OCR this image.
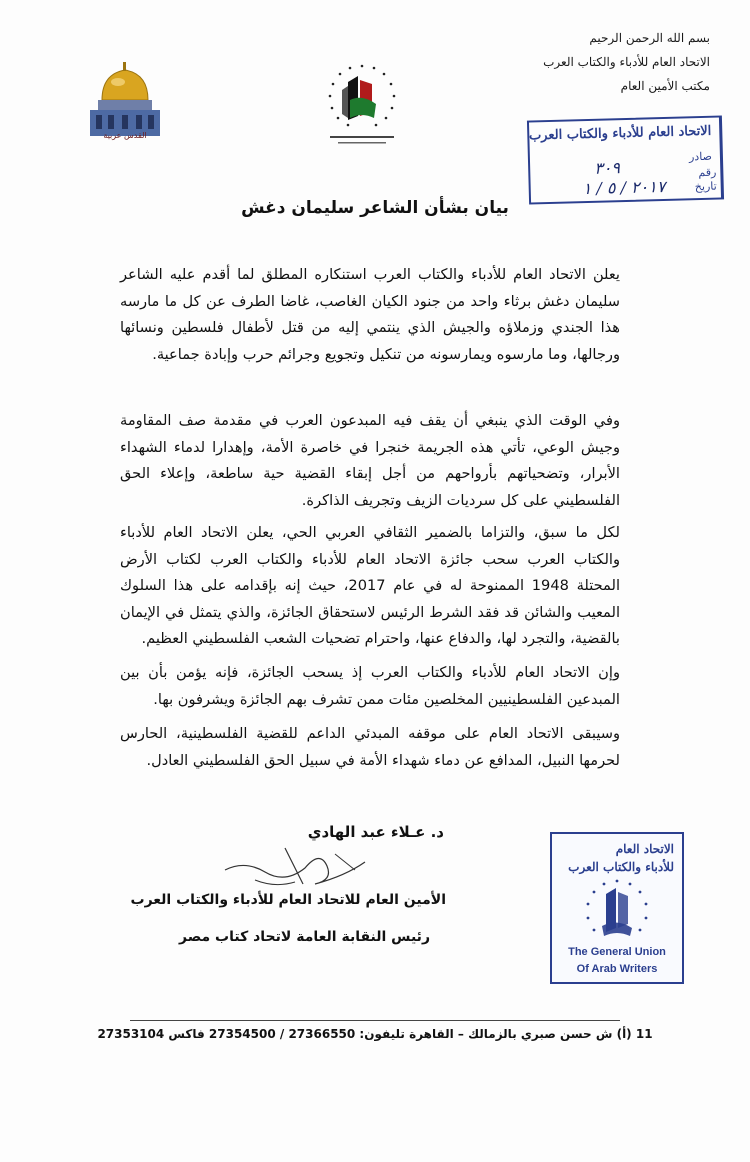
بسم الله الرحمن الرحيم
الاتحاد العام للأدباء والكتاب العرب
مكتب الأمين العام
الاتحاد العام للأدباء والكتاب العرب
صادر
رقم
٣٠٩
تاريخ
٢٠١٧ / ٥ / ١
القدس عربية
بيان بشأن الشاعر سليمان دغش
يعلن الاتحاد العام للأدباء والكتاب العرب استنكاره المطلق لما أقدم عليه الشاعر سليمان دغش برثاء واحد من جنود الكيان الغاصب، غاضا الطرف عن كل ما مارسه هذا الجندي وزملاؤه والجيش الذي ينتمي إليه من قتل لأطفال فلسطين ونسائها ورجالها، وما مارسوه ويمارسونه من تنكيل وتجويع وجرائم حرب وإبادة جماعية.
وفي الوقت الذي ينبغي أن يقف فيه المبدعون العرب في مقدمة صف المقاومة وجيش الوعي، تأتي هذه الجريمة خنجرا في خاصرة الأمة، وإهدارا لدماء الشهداء الأبرار، وتضحياتهم بأرواحهم من أجل إبقاء القضية حية ساطعة، وإعلاء الحق الفلسطيني على كل سرديات الزيف وتجريف الذاكرة.
لكل ما سبق، والتزاما بالضمير الثقافي العربي الحي، يعلن الاتحاد العام للأدباء والكتاب العرب سحب جائزة الاتحاد العام للأدباء والكتاب العرب لكتاب الأرض المحتلة 1948 الممنوحة له في عام 2017، حيث إنه بإقدامه على هذا السلوك المعيب والشائن قد فقد الشرط الرئيس لاستحقاق الجائزة، والذي يتمثل في الإيمان بالقضية، والتجرد لها، والدفاع عنها، واحترام تضحيات الشعب الفلسطيني العظيم.
وإن الاتحاد العام للأدباء والكتاب العرب إذ يسحب الجائزة، فإنه يؤمن بأن بين المبدعين الفلسطينيين المخلصين مئات ممن تشرف بهم الجائزة ويشرفون بها.
وسيبقى الاتحاد العام على موقفه المبدئي الداعم للقضية الفلسطينية، الحارس لحرمها النبيل، المدافع عن دماء شهداء الأمة في سبيل الحق الفلسطيني العادل.
د. عـلاء عبد الهادي
الأمين العام للاتحاد العام للأدباء والكتاب العرب
رئيس النقابة العامة لاتحاد كتاب مصر
الاتحاد العام
للأدباء والكتاب العرب
The General Union
Of Arab Writers
11 (أ) ش حسن صبري بالزمالك – القاهرة تليفون: 27366550 / 27354500 فاكس 27353104
